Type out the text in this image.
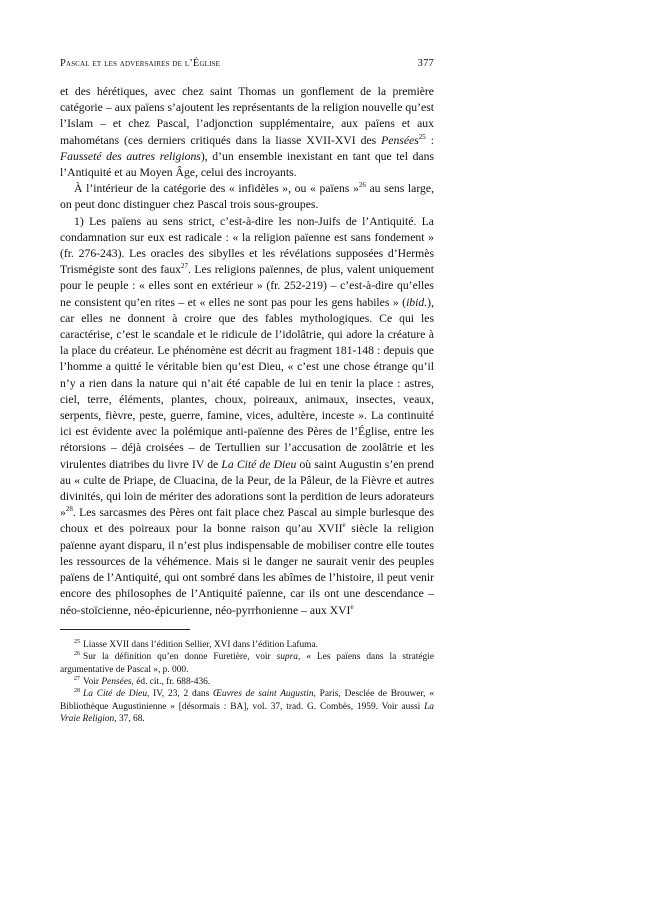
Pascal et les adversaires de l’Église	377

et des hérétiques, avec chez saint Thomas un gonflement de la première catégorie – aux païens s’ajoutent les représentants de la religion nouvelle qu’est l’Islam – et chez Pascal, l’adjonction supplémentaire, aux païens et aux mahométans (ces derniers critiqués dans la liasse XVII-XVI des Pensées$^{25}$ : Fausseté des autres religions), d’un ensemble inexistant en tant que tel dans l’Antiquité et au Moyen Âge, celui des incroyants.

À l’intérieur de la catégorie des « infidèles », ou « païens »$^{26}$ au sens large, on peut donc distinguer chez Pascal trois sous-groupes.

1) Les païens au sens strict, c’est-à-dire les non-Juifs de l’Antiquité. La condamnation sur eux est radicale : « la religion païenne est sans fondement » (fr. 276-243). Les oracles des sibylles et les révélations supposées d’Hermès Trismégiste sont des faux$^{27}$. Les religions païennes, de plus, valent uniquement pour le peuple : « elles sont en extérieur » (fr. 252-219) – c’est-à-dire qu’elles ne consistent qu’en rites – et « elles ne sont pas pour les gens habiles » (ibid.), car elles ne donnent à croire que des fables mythologiques. Ce qui les caractérise, c’est le scandale et le ridicule de l’idolâtrie, qui adore la créature à la place du créateur. Le phénomène est décrit au fragment 181-148 : depuis que l’homme a quitté le véritable bien qu’est Dieu, « c’est une chose étrange qu’il n’y a rien dans la nature qui n’ait été capable de lui en tenir la place : astres, ciel, terre, éléments, plantes, choux, poireaux, animaux, insectes, veaux, serpents, fièvre, peste, guerre, famine, vices, adultère, inceste ». La continuité ici est évidente avec la polémique anti-païenne des Pères de l’Église, entre les rétorsions – déjà croisées – de Tertullien sur l’accusation de zoolâtrie et les virulentes diatribes du livre IV de La Cité de Dieu où saint Augustin s’en prend au « culte de Priape, de Cluacina, de la Peur, de la Pâleur, de la Fièvre et autres divinités, qui loin de mériter des adorations sont la perdition de leurs adorateurs »$^{28}$. Les sarcasmes des Pères ont fait place chez Pascal au simple burlesque des choux et des poireaux pour la bonne raison qu’au XVIIe siècle la religion païenne ayant disparu, il n’est plus indispensable de mobiliser contre elle toutes les ressources de la véhémence. Mais si le danger ne saurait venir des peuples païens de l’Antiquité, qui ont sombré dans les abîmes de l’histoire, il peut venir encore des philosophes de l’Antiquité païenne, car ils ont une descendance – néo-stoïcienne, néo-épicurienne, néo-pyrrhonienne – aux XVIe

$^{25}$ Liasse XVII dans l’édition Sellier, XVI dans l’édition Lafuma.

$^{26}$ Sur la définition qu’en donne Furetière, voir supra, « Les païens dans la stratégie argumentative de Pascal », p. 000.

$^{27}$ Voir Pensées, éd. cit., fr. 688-436.

$^{28}$ La Cité de Dieu, IV, 23, 2 dans Œuvres de saint Augustin, Paris, Desclée de Brouwer, « Bibliothèque Augustinienne » [désormais : BA], vol. 37, trad. G. Combès, 1959. Voir aussi La Vraie Religion, 37, 68.
